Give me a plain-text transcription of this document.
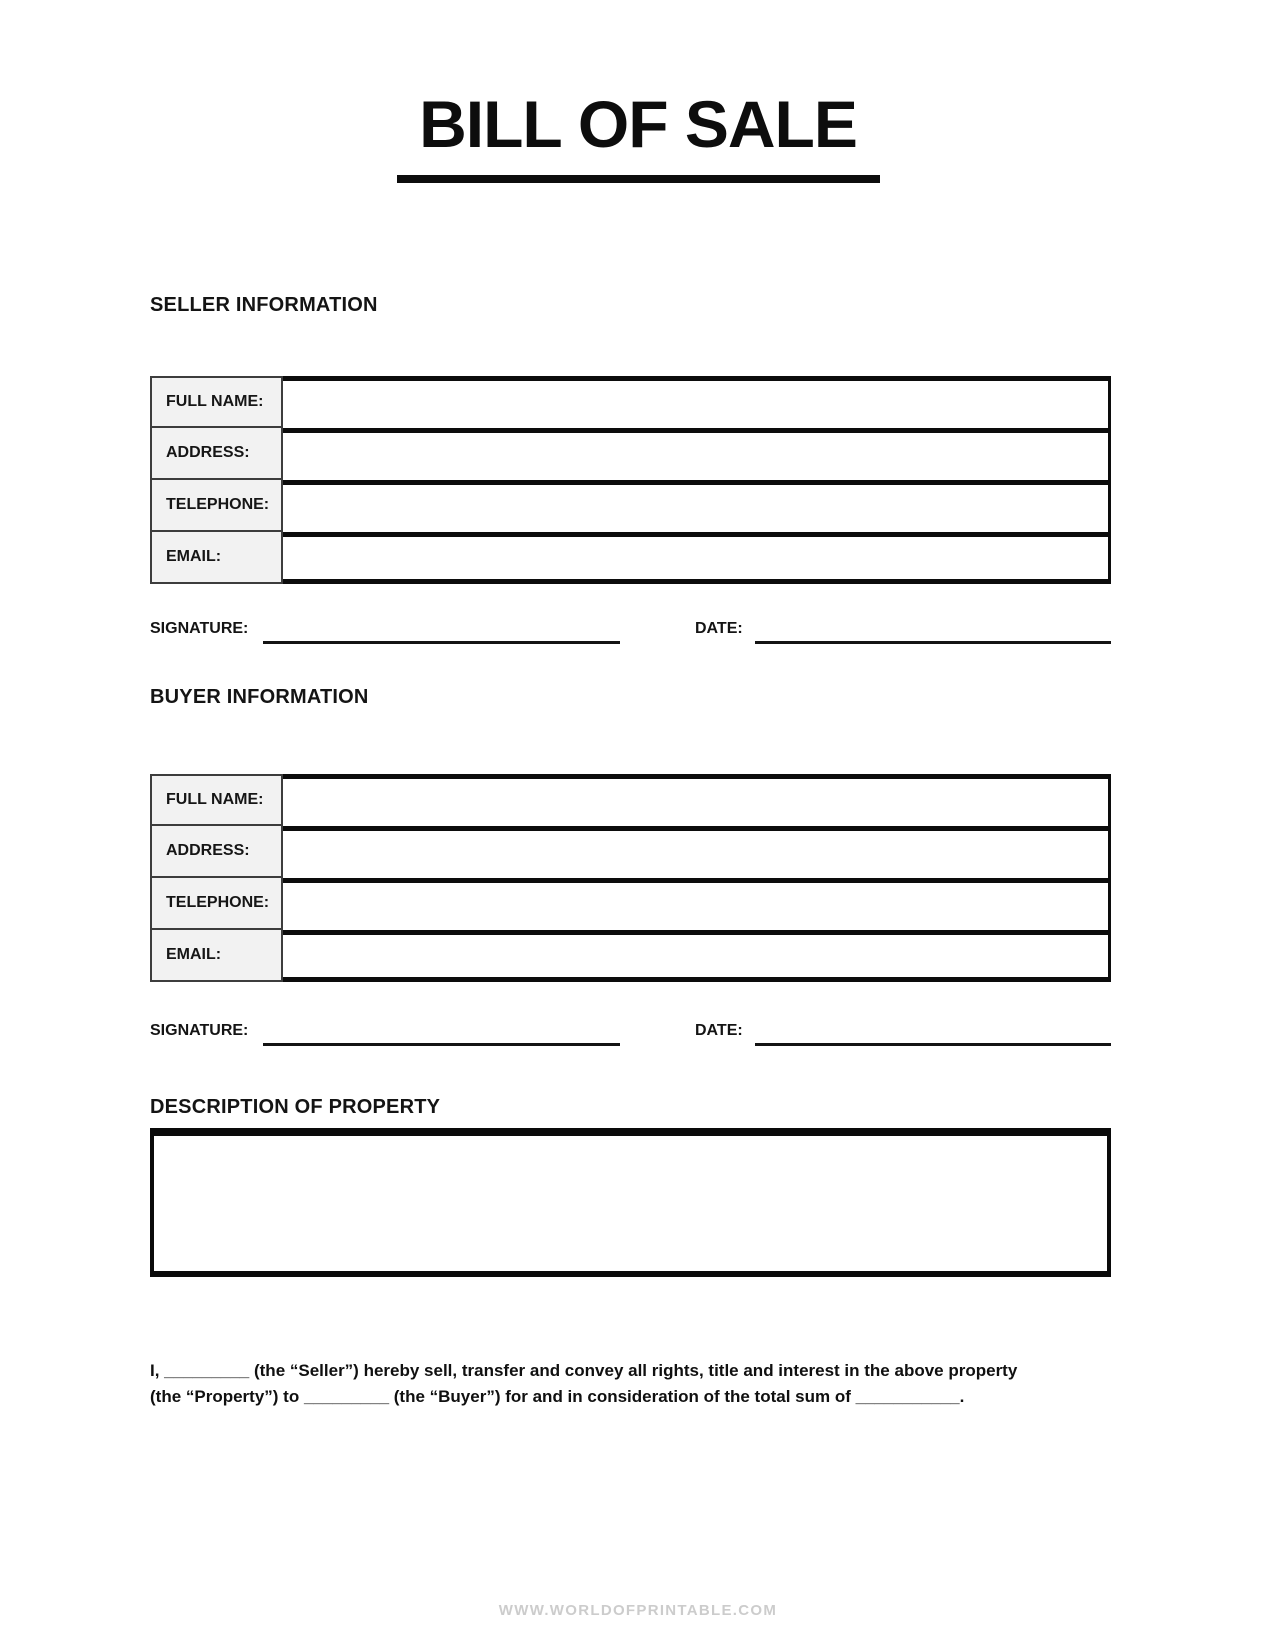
BILL OF SALE
SELLER INFORMATION
FULL NAME:
ADDRESS:
TELEPHONE:
EMAIL:
SIGNATURE:	DATE:
BUYER INFORMATION
FULL NAME:
ADDRESS:
TELEPHONE:
EMAIL:
SIGNATURE:	DATE:
DESCRIPTION OF PROPERTY
I, _________ (the “Seller”) hereby sell, transfer and convey all rights, title and interest in the above property
(the “Property”) to _________ (the “Buyer”) for and in consideration of the total sum of ___________.
WWW.WORLDOFPRINTABLE.COM
